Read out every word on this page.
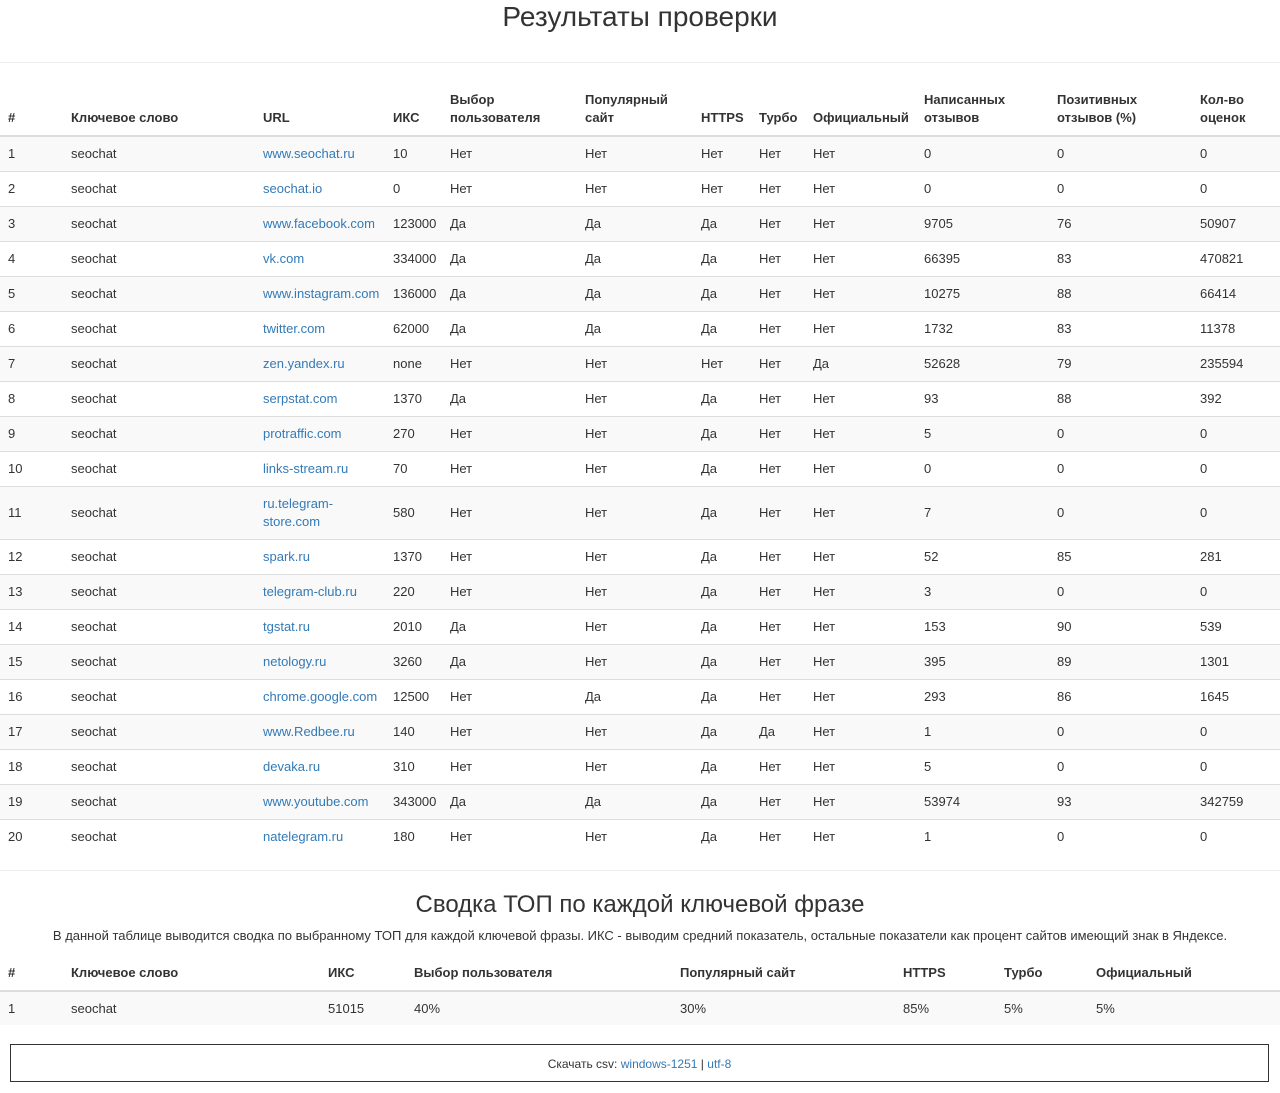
Результаты проверки
#	Ключевое слово	URL	ИКС	Выбор пользователя	Популярный сайт	HTTPS	Турбо	Официальный	Написанных отзывов	Позитивных отзывов (%)	Кол-во оценок
1	seochat	www.seochat.ru	10	Нет	Нет	Нет	Нет	Нет	0	0	0
2	seochat	seochat.io	0	Нет	Нет	Нет	Нет	Нет	0	0	0
3	seochat	www.facebook.com	123000	Да	Да	Да	Нет	Нет	9705	76	50907
4	seochat	vk.com	334000	Да	Да	Да	Нет	Нет	66395	83	470821
5	seochat	www.instagram.com	136000	Да	Да	Да	Нет	Нет	10275	88	66414
6	seochat	twitter.com	62000	Да	Да	Да	Нет	Нет	1732	83	11378
7	seochat	zen.yandex.ru	none	Нет	Нет	Нет	Нет	Да	52628	79	235594
8	seochat	serpstat.com	1370	Да	Нет	Да	Нет	Нет	93	88	392
9	seochat	protraffic.com	270	Нет	Нет	Да	Нет	Нет	5	0	0
10	seochat	links-stream.ru	70	Нет	Нет	Да	Нет	Нет	0	0	0
11	seochat	ru.telegram-store.com	580	Нет	Нет	Да	Нет	Нет	7	0	0
12	seochat	spark.ru	1370	Нет	Нет	Да	Нет	Нет	52	85	281
13	seochat	telegram-club.ru	220	Нет	Нет	Да	Нет	Нет	3	0	0
14	seochat	tgstat.ru	2010	Да	Нет	Да	Нет	Нет	153	90	539
15	seochat	netology.ru	3260	Да	Нет	Да	Нет	Нет	395	89	1301
16	seochat	chrome.google.com	12500	Нет	Да	Да	Нет	Нет	293	86	1645
17	seochat	www.Redbee.ru	140	Нет	Нет	Да	Да	Нет	1	0	0
18	seochat	devaka.ru	310	Нет	Нет	Да	Нет	Нет	5	0	0
19	seochat	www.youtube.com	343000	Да	Да	Да	Нет	Нет	53974	93	342759
20	seochat	natelegram.ru	180	Нет	Нет	Да	Нет	Нет	1	0	0
Сводка ТОП по каждой ключевой фразе
В данной таблице выводится сводка по выбранному ТОП для каждой ключевой фразы. ИКС - выводим средний показатель, остальные показатели как процент сайтов имеющий знак в Яндексе.
#	Ключевое слово	ИКС	Выбор пользователя	Популярный сайт	HTTPS	Турбо	Официальный
1	seochat	51015	40%	30%	85%	5%	5%
Скачать csv: windows-1251 | utf-8
